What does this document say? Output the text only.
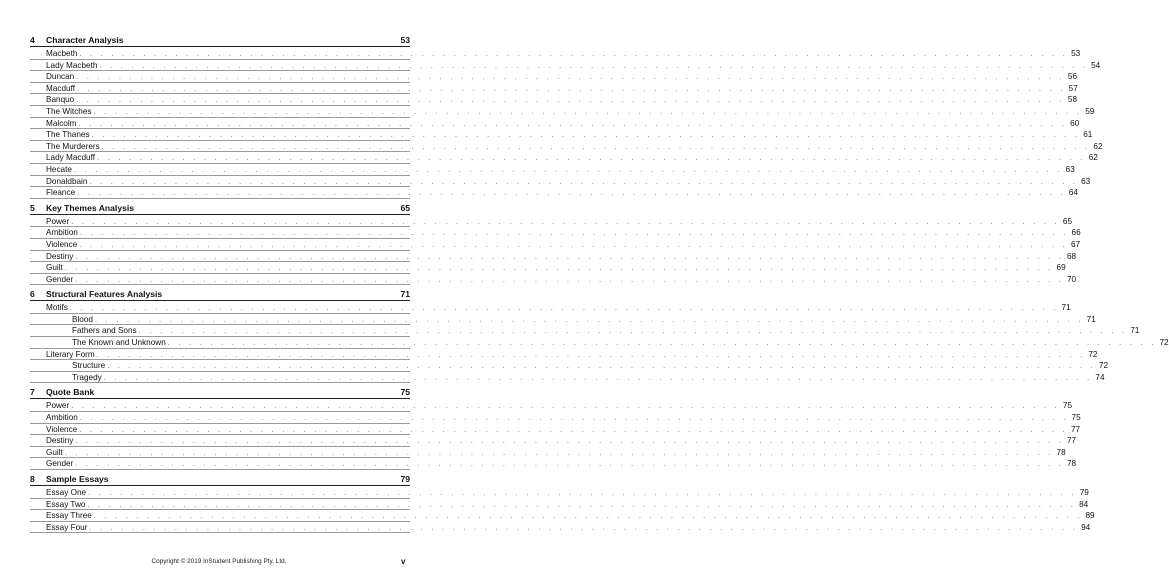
4	Character Analysis	53
Macbeth . . . . . . . . . . . . . . . . . . . . . . . . . . . . . . . . . . . . . . . . . . . . . . . . . . . . . . . . . . . . . . . . . . . . . . . . . . . . . . . . . . . . . . . . . . . . . 53
Lady Macbeth . . . . . . . . . . . . . . . . . . . . . . . . . . . . . . . . . . . . . . . . . . . . . . . . . . . . . . . . . . . . . . . . . . . . . . . . . . . . . . . . . . . . . . . . . . . . . 54
Duncan . . . . . . . . . . . . . . . . . . . . . . . . . . . . . . . . . . . . . . . . . . . . . . . . . . . . . . . . . . . . . . . . . . . . . . . . . . . . . . . . . . . . . . . . . . . . . 56
Macduff . . . . . . . . . . . . . . . . . . . . . . . . . . . . . . . . . . . . . . . . . . . . . . . . . . . . . . . . . . . . . . . . . . . . . . . . . . . . . . . . . . . . . . . . . . . . . 57
Banquo . . . . . . . . . . . . . . . . . . . . . . . . . . . . . . . . . . . . . . . . . . . . . . . . . . . . . . . . . . . . . . . . . . . . . . . . . . . . . . . . . . . . . . . . . . . . . 58
The Witches . . . . . . . . . . . . . . . . . . . . . . . . . . . . . . . . . . . . . . . . . . . . . . . . . . . . . . . . . . . . . . . . . . . . . . . . . . . . . . . . . . . . . . . . . . . . . 59
Malcolm . . . . . . . . . . . . . . . . . . . . . . . . . . . . . . . . . . . . . . . . . . . . . . . . . . . . . . . . . . . . . . . . . . . . . . . . . . . . . . . . . . . . . . . . . . . . . 60
The Thanes . . . . . . . . . . . . . . . . . . . . . . . . . . . . . . . . . . . . . . . . . . . . . . . . . . . . . . . . . . . . . . . . . . . . . . . . . . . . . . . . . . . . . . . . . . . . . 61
The Murderers . . . . . . . . . . . . . . . . . . . . . . . . . . . . . . . . . . . . . . . . . . . . . . . . . . . . . . . . . . . . . . . . . . . . . . . . . . . . . . . . . . . . . . . . . . . . . 62
Lady Macduff . . . . . . . . . . . . . . . . . . . . . . . . . . . . . . . . . . . . . . . . . . . . . . . . . . . . . . . . . . . . . . . . . . . . . . . . . . . . . . . . . . . . . . . . . . . . . 62
Hecate . . . . . . . . . . . . . . . . . . . . . . . . . . . . . . . . . . . . . . . . . . . . . . . . . . . . . . . . . . . . . . . . . . . . . . . . . . . . . . . . . . . . . . . . . . . . . 63
Donaldbain . . . . . . . . . . . . . . . . . . . . . . . . . . . . . . . . . . . . . . . . . . . . . . . . . . . . . . . . . . . . . . . . . . . . . . . . . . . . . . . . . . . . . . . . . . . . . 63
Fleance . . . . . . . . . . . . . . . . . . . . . . . . . . . . . . . . . . . . . . . . . . . . . . . . . . . . . . . . . . . . . . . . . . . . . . . . . . . . . . . . . . . . . . . . . . . . . 64
5	Key Themes Analysis	65
Power . . . . . . . . . . . . . . . . . . . . . . . . . . . . . . . . . . . . . . . . . . . . . . . . . . . . . . . . . . . . . . . . . . . . . . . . . . . . . . . . . . . . . . . . . . . . . 65
Ambition . . . . . . . . . . . . . . . . . . . . . . . . . . . . . . . . . . . . . . . . . . . . . . . . . . . . . . . . . . . . . . . . . . . . . . . . . . . . . . . . . . . . . . . . . . . . . 66
Violence . . . . . . . . . . . . . . . . . . . . . . . . . . . . . . . . . . . . . . . . . . . . . . . . . . . . . . . . . . . . . . . . . . . . . . . . . . . . . . . . . . . . . . . . . . . . . 67
Destiny . . . . . . . . . . . . . . . . . . . . . . . . . . . . . . . . . . . . . . . . . . . . . . . . . . . . . . . . . . . . . . . . . . . . . . . . . . . . . . . . . . . . . . . . . . . . . 68
Guilt . . . . . . . . . . . . . . . . . . . . . . . . . . . . . . . . . . . . . . . . . . . . . . . . . . . . . . . . . . . . . . . . . . . . . . . . . . . . . . . . . . . . . . . . . . . . . 69
Gender . . . . . . . . . . . . . . . . . . . . . . . . . . . . . . . . . . . . . . . . . . . . . . . . . . . . . . . . . . . . . . . . . . . . . . . . . . . . . . . . . . . . . . . . . . . . . 70
6	Structural Features Analysis	71
Motifs . . . . . . . . . . . . . . . . . . . . . . . . . . . . . . . . . . . . . . . . . . . . . . . . . . . . . . . . . . . . . . . . . . . . . . . . . . . . . . . . . . . . . . . . . . . . . 71
Blood . . . . . . . . . . . . . . . . . . . . . . . . . . . . . . . . . . . . . . . . . . . . . . . . . . . . . . . . . . . . . . . . . . . . . . . . . . . . . . . . . . . . . . . . . . . . . 71
Fathers and Sons . . . . . . . . . . . . . . . . . . . . . . . . . . . . . . . . . . . . . . . . . . . . . . . . . . . . . . . . . . . . . . . . . . . . . . . . . . . . . . . . . . . . . . . . . . . . . 71
The Known and Unknown . . . . . . . . . . . . . . . . . . . . . . . . . . . . . . . . . . . . . . . . . . . . . . . . . . . . . . . . . . . . . . . . . . . . . . . . . . . . . . . . . . . . . . . . . . . . . 72
Literary Form . . . . . . . . . . . . . . . . . . . . . . . . . . . . . . . . . . . . . . . . . . . . . . . . . . . . . . . . . . . . . . . . . . . . . . . . . . . . . . . . . . . . . . . . . . . . . 72
Structure . . . . . . . . . . . . . . . . . . . . . . . . . . . . . . . . . . . . . . . . . . . . . . . . . . . . . . . . . . . . . . . . . . . . . . . . . . . . . . . . . . . . . . . . . . . . . 72
Tragedy . . . . . . . . . . . . . . . . . . . . . . . . . . . . . . . . . . . . . . . . . . . . . . . . . . . . . . . . . . . . . . . . . . . . . . . . . . . . . . . . . . . . . . . . . . . . . 74
7	Quote Bank	75
Power . . . . . . . . . . . . . . . . . . . . . . . . . . . . . . . . . . . . . . . . . . . . . . . . . . . . . . . . . . . . . . . . . . . . . . . . . . . . . . . . . . . . . . . . . . . . . 75
Ambition . . . . . . . . . . . . . . . . . . . . . . . . . . . . . . . . . . . . . . . . . . . . . . . . . . . . . . . . . . . . . . . . . . . . . . . . . . . . . . . . . . . . . . . . . . . . . 75
Violence . . . . . . . . . . . . . . . . . . . . . . . . . . . . . . . . . . . . . . . . . . . . . . . . . . . . . . . . . . . . . . . . . . . . . . . . . . . . . . . . . . . . . . . . . . . . . 77
Destiny . . . . . . . . . . . . . . . . . . . . . . . . . . . . . . . . . . . . . . . . . . . . . . . . . . . . . . . . . . . . . . . . . . . . . . . . . . . . . . . . . . . . . . . . . . . . . 77
Guilt . . . . . . . . . . . . . . . . . . . . . . . . . . . . . . . . . . . . . . . . . . . . . . . . . . . . . . . . . . . . . . . . . . . . . . . . . . . . . . . . . . . . . . . . . . . . . 78
Gender . . . . . . . . . . . . . . . . . . . . . . . . . . . . . . . . . . . . . . . . . . . . . . . . . . . . . . . . . . . . . . . . . . . . . . . . . . . . . . . . . . . . . . . . . . . . . 78
8	Sample Essays	79
Essay One . . . . . . . . . . . . . . . . . . . . . . . . . . . . . . . . . . . . . . . . . . . . . . . . . . . . . . . . . . . . . . . . . . . . . . . . . . . . . . . . . . . . . . . . . . . . . 79
Essay Two . . . . . . . . . . . . . . . . . . . . . . . . . . . . . . . . . . . . . . . . . . . . . . . . . . . . . . . . . . . . . . . . . . . . . . . . . . . . . . . . . . . . . . . . . . . . . 84
Essay Three . . . . . . . . . . . . . . . . . . . . . . . . . . . . . . . . . . . . . . . . . . . . . . . . . . . . . . . . . . . . . . . . . . . . . . . . . . . . . . . . . . . . . . . . . . . . . 89
Essay Four . . . . . . . . . . . . . . . . . . . . . . . . . . . . . . . . . . . . . . . . . . . . . . . . . . . . . . . . . . . . . . . . . . . . . . . . . . . . . . . . . . . . . . . . . . . . . 94
Copyright © 2019 InStudent Publishing Pty. Ltd.	v
